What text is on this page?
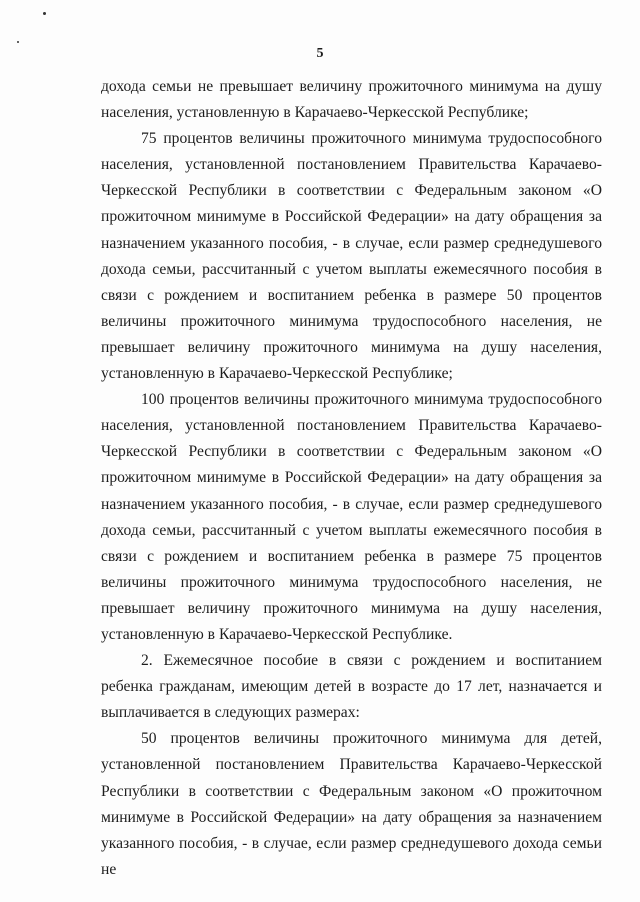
5

дохода семьи не превышает величину прожиточного минимума на душу населения, установленную в Карачаево-Черкесской Республике;

75 процентов величины прожиточного минимума трудоспособного населения, установленной постановлением Правительства Карачаево-Черкесской Республики в соответствии с Федеральным законом «О прожиточном минимуме в Российской Федерации» на дату обращения за назначением указанного пособия, - в случае, если размер среднедушевого дохода семьи, рассчитанный с учетом выплаты ежемесячного пособия в связи с рождением и воспитанием ребенка в размере 50 процентов величины прожиточного минимума трудоспособного населения, не превышает величину прожиточного минимума на душу населения, установленную в Карачаево-Черкесской Республике;

100 процентов величины прожиточного минимума трудоспособного населения, установленной постановлением Правительства Карачаево-Черкесской Республики в соответствии с Федеральным законом «О прожиточном минимуме в Российской Федерации» на дату обращения за назначением указанного пособия, - в случае, если размер среднедушевого дохода семьи, рассчитанный с учетом выплаты ежемесячного пособия в связи с рождением и воспитанием ребенка в размере 75 процентов величины прожиточного минимума трудоспособного населения, не превышает величину прожиточного минимума на душу населения, установленную в Карачаево-Черкесской Республике.

2. Ежемесячное пособие в связи с рождением и воспитанием ребенка гражданам, имеющим детей в возрасте до 17 лет, назначается и выплачивается в следующих размерах:

50 процентов величины прожиточного минимума для детей, установленной постановлением Правительства Карачаево-Черкесской Республики в соответствии с Федеральным законом «О прожиточном минимуме в Российской Федерации» на дату обращения за назначением указанного пособия, - в случае, если размер среднедушевого дохода семьи не
